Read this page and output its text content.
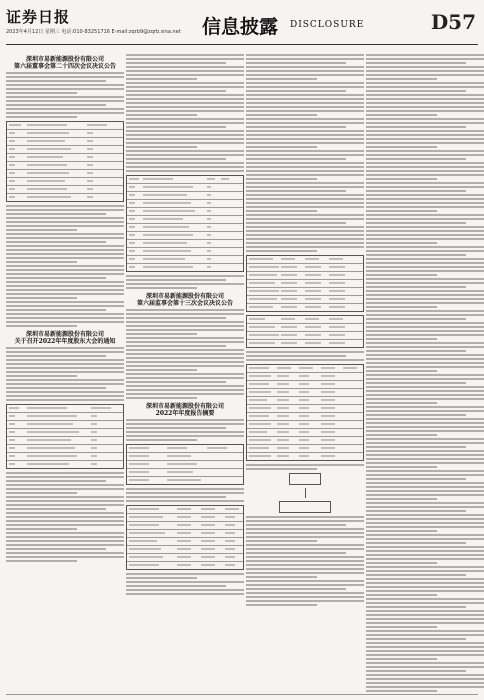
证券日报
2023年4月12日 星期三 电话:010-83251716 E-mail:zqrb9@zqrb.sina.net 信息披露 DISCLOSURE	D57
深圳市易新能源股份有限公司
第六届董事会第二十四次会议决议公告
深圳市易新能源股份有限公司
关于召开2022年年度股东大会的通知
深圳市易新能源股份有限公司
第六届监事会第十三次会议决议公告
深圳市易新能源股份有限公司
2022年年度报告摘要
